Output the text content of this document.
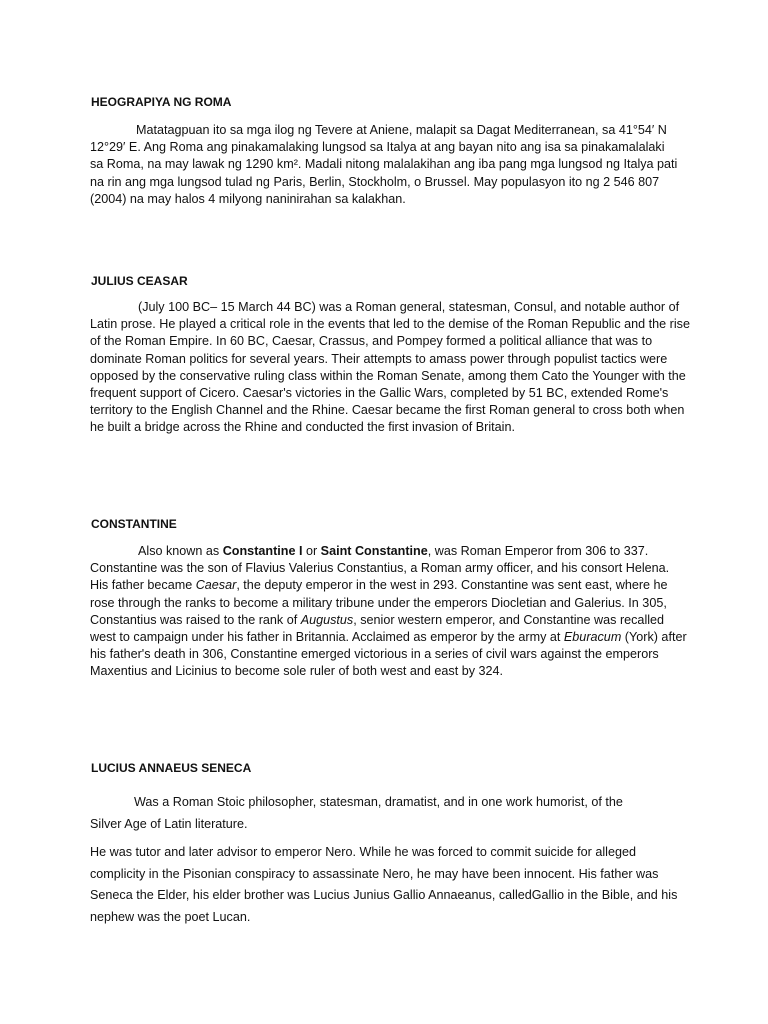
HEOGRAPIYA NG ROMA

Matatagpuan ito sa mga ilog ng Tevere at Aniene, malapit sa Dagat Mediterranean, sa 41°54′ N 12°29′ E. Ang Roma ang pinakamalaking lungsod sa Italya at ang bayan nito ang isa sa pinakamalalaki sa Roma, na may lawak ng 1290 km². Madali nitong malalakihan ang iba pang mga lungsod ng Italya pati na rin ang mga lungsod tulad ng Paris, Berlin, Stockholm, o Brussel. May populasyon ito ng 2 546 807 (2004) na may halos 4 milyong naninirahan sa kalakhan.

JULIUS CEASAR

(July 100 BC– 15 March 44 BC) was a Roman general, statesman, Consul, and notable author of Latin prose. He played a critical role in the events that led to the demise of the Roman Republic and the rise of the Roman Empire. In 60 BC, Caesar, Crassus, and Pompey formed a political alliance that was to dominate Roman politics for several years. Their attempts to amass power through populist tactics were opposed by the conservative ruling class within the Roman Senate, among them Cato the Younger with the frequent support of Cicero. Caesar's victories in the Gallic Wars, completed by 51 BC, extended Rome's territory to the English Channel and the Rhine. Caesar became the first Roman general to cross both when he built a bridge across the Rhine and conducted the first invasion of Britain.

CONSTANTINE

Also known as Constantine I or Saint Constantine, was Roman Emperor from 306 to 337. Constantine was the son of Flavius Valerius Constantius, a Roman army officer, and his consort Helena. His father became Caesar, the deputy emperor in the west in 293. Constantine was sent east, where he rose through the ranks to become a military tribune under the emperors Diocletian and Galerius. In 305, Constantius was raised to the rank of Augustus, senior western emperor, and Constantine was recalled west to campaign under his father in Britannia. Acclaimed as emperor by the army at Eburacum (York) after his father's death in 306, Constantine emerged victorious in a series of civil wars against the emperors Maxentius and Licinius to become sole ruler of both west and east by 324.

LUCIUS ANNAEUS SENECA

Was a Roman Stoic philosopher, statesman, dramatist, and in one work humorist, of the Silver Age of Latin literature.

He was tutor and later advisor to emperor Nero. While he was forced to commit suicide for alleged complicity in the Pisonian conspiracy to assassinate Nero, he may have been innocent. His father was Seneca the Elder, his elder brother was Lucius Junius Gallio Annaeanus, calledGallio in the Bible, and his nephew was the poet Lucan.
